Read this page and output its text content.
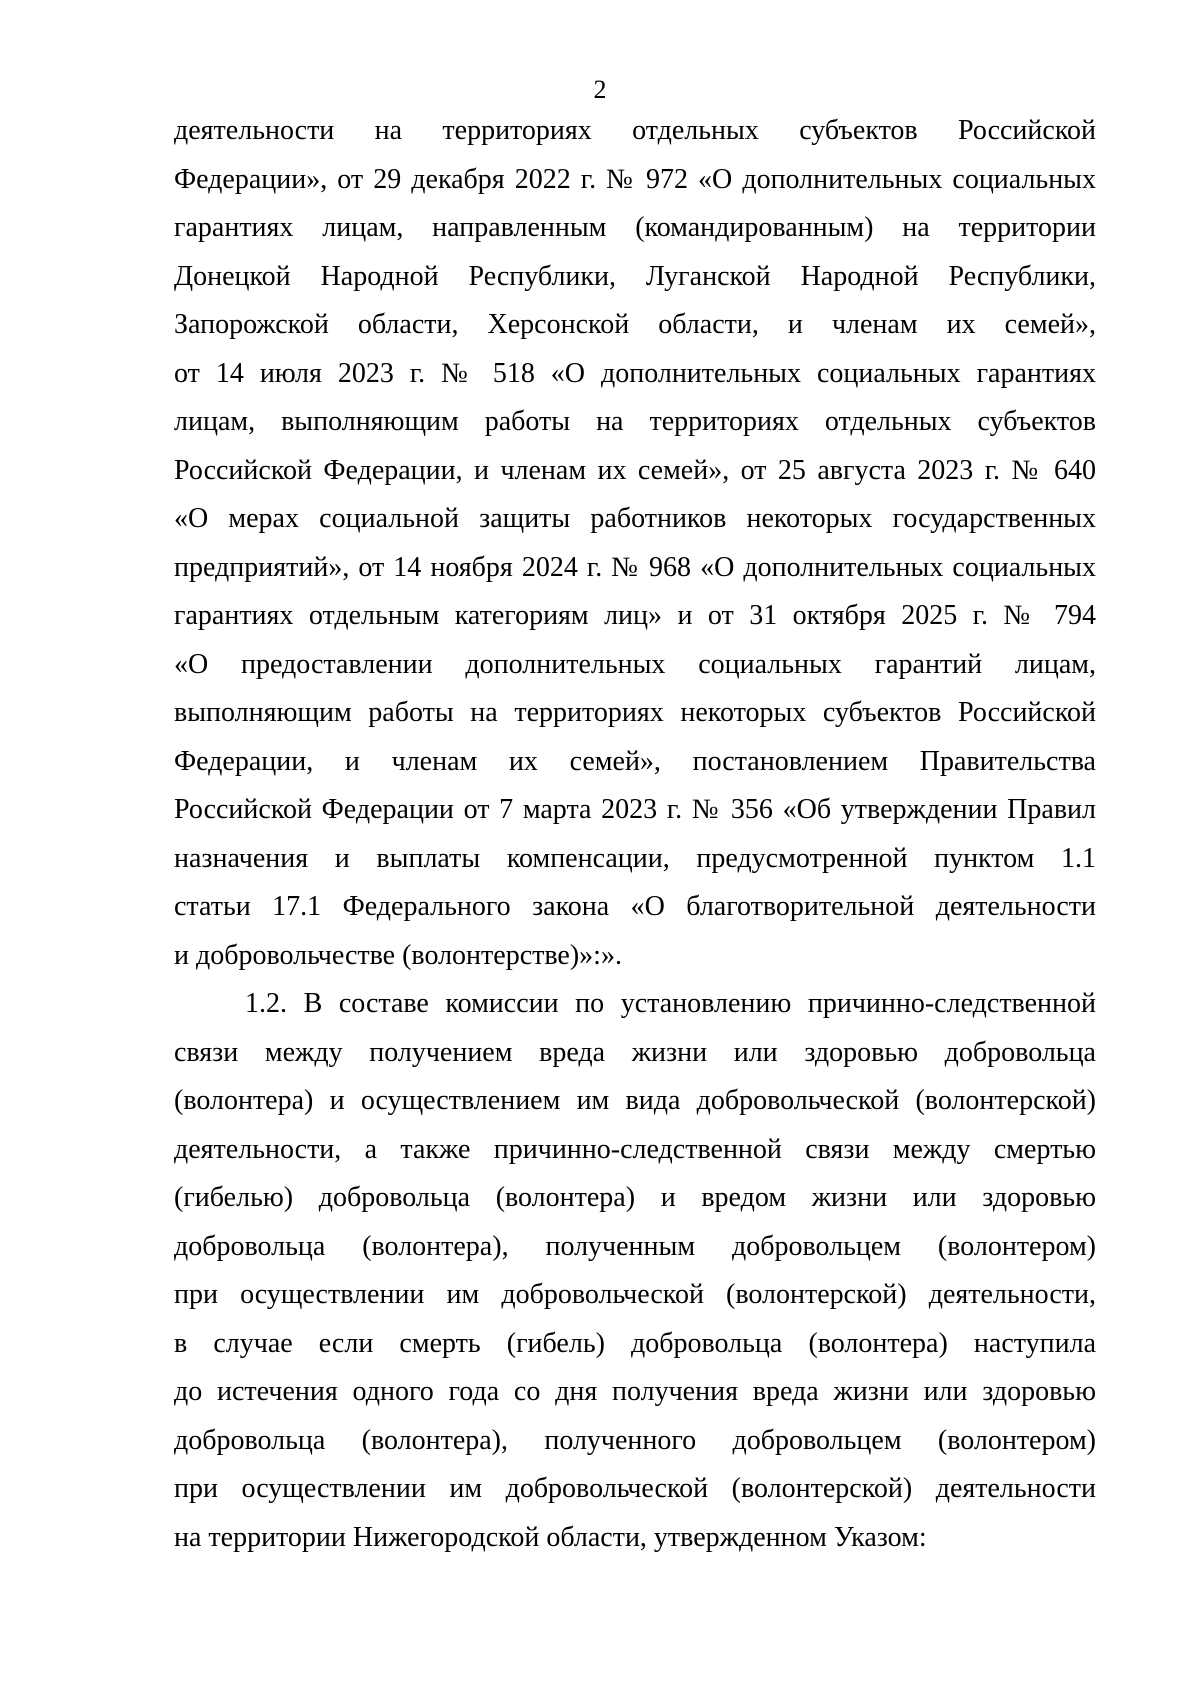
2
деятельности на территориях отдельных субъектов Российской
Федерации», от 29 декабря 2022 г. № 972 «О дополнительных социальных
гарантиях лицам, направленным (командированным) на территории
Донецкой Народной Республики, Луганской Народной Республики,
Запорожской области, Херсонской области, и членам их семей»,
от 14 июля 2023 г. № 518 «О дополнительных социальных гарантиях
лицам, выполняющим работы на территориях отдельных субъектов
Российской Федерации, и членам их семей», от 25 августа 2023 г. № 640
«О мерах социальной защиты работников некоторых государственных
предприятий», от 14 ноября 2024 г. № 968 «О дополнительных социальных
гарантиях отдельным категориям лиц» и от 31 октября 2025 г. № 794
«О предоставлении дополнительных социальных гарантий лицам,
выполняющим работы на территориях некоторых субъектов Российской
Федерации, и членам их семей», постановлением Правительства
Российской Федерации от 7 марта 2023 г. № 356 «Об утверждении Правил
назначения и выплаты компенсации, предусмотренной пунктом 1.1
статьи 17.1 Федерального закона «О благотворительной деятельности
и добровольчестве (волонтерстве)»:».
1.2. В составе комиссии по установлению причинно-следственной
связи между получением вреда жизни или здоровью добровольца
(волонтера) и осуществлением им вида добровольческой (волонтерской)
деятельности, а также причинно-следственной связи между смертью
(гибелью) добровольца (волонтера) и вредом жизни или здоровью
добровольца (волонтера), полученным добровольцем (волонтером)
при осуществлении им добровольческой (волонтерской) деятельности,
в случае если смерть (гибель) добровольца (волонтера) наступила
до истечения одного года со дня получения вреда жизни или здоровью
добровольца (волонтера), полученного добровольцем (волонтером)
при осуществлении им добровольческой (волонтерской) деятельности
на территории Нижегородской области, утвержденном Указом:
